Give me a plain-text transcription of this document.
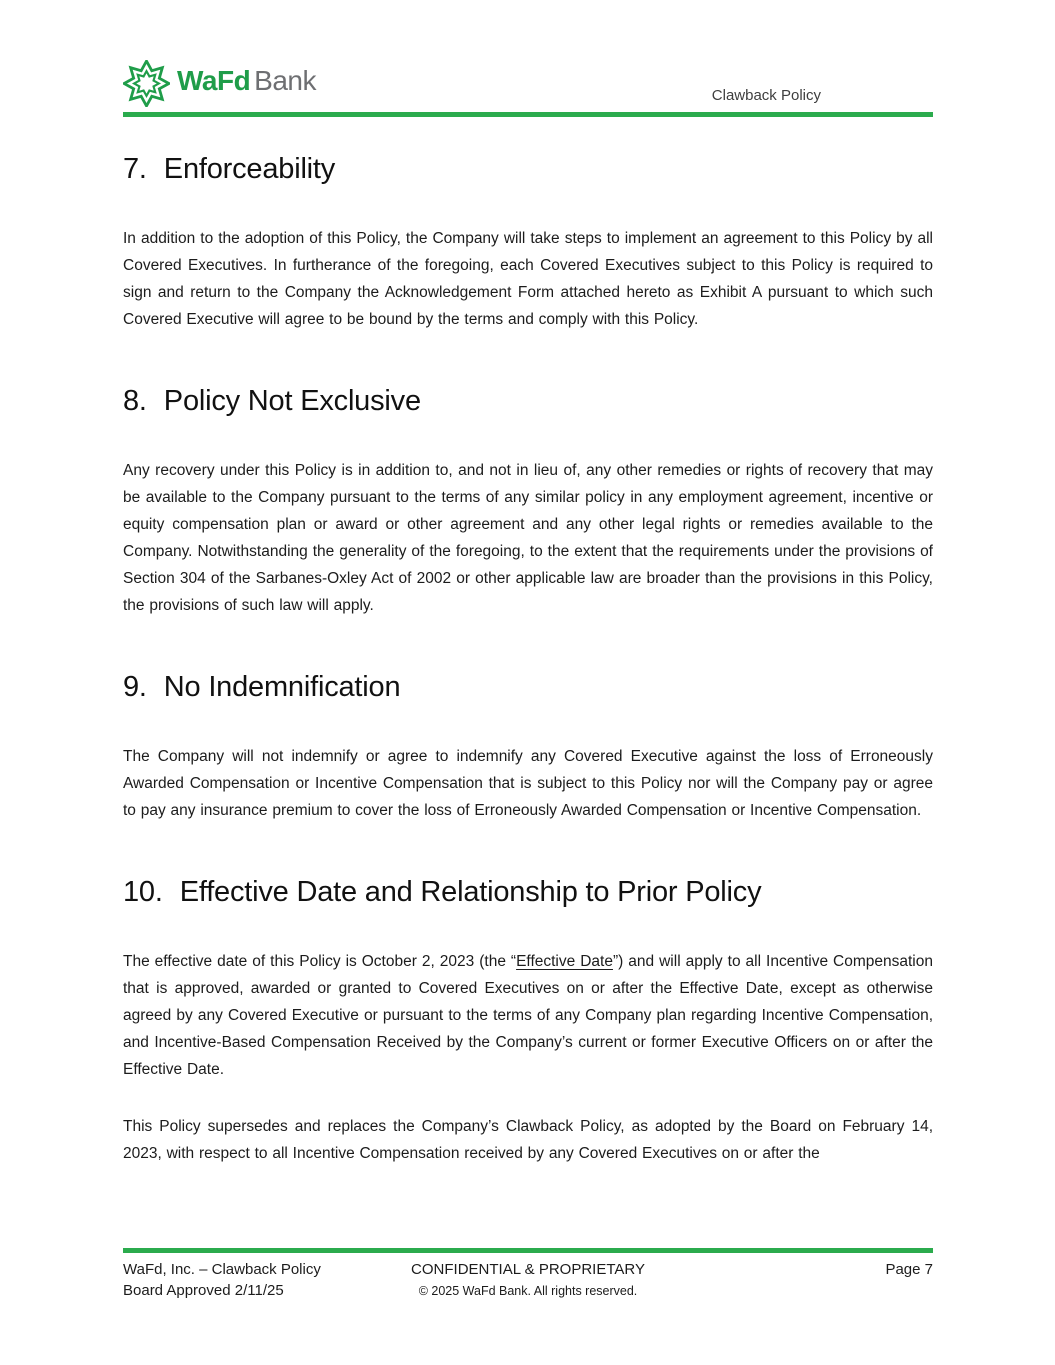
WaFd Bank	Clawback Policy
7. Enforceability

In addition to the adoption of this Policy, the Company will take steps to implement an agreement to this Policy by all Covered Executives. In furtherance of the foregoing, each Covered Executives subject to this Policy is required to sign and return to the Company the Acknowledgement Form attached hereto as Exhibit A pursuant to which such Covered Executive will agree to be bound by the terms and comply with this Policy.

8. Policy Not Exclusive

Any recovery under this Policy is in addition to, and not in lieu of, any other remedies or rights of recovery that may be available to the Company pursuant to the terms of any similar policy in any employment agreement, incentive or equity compensation plan or award or other agreement and any other legal rights or remedies available to the Company. Notwithstanding the generality of the foregoing, to the extent that the requirements under the provisions of Section 304 of the Sarbanes-Oxley Act of 2002 or other applicable law are broader than the provisions in this Policy, the provisions of such law will apply.

9. No Indemnification

The Company will not indemnify or agree to indemnify any Covered Executive against the loss of Erroneously Awarded Compensation or Incentive Compensation that is subject to this Policy nor will the Company pay or agree to pay any insurance premium to cover the loss of Erroneously Awarded Compensation or Incentive Compensation.

10. Effective Date and Relationship to Prior Policy

The effective date of this Policy is October 2, 2023 (the “Effective Date”) and will apply to all Incentive Compensation that is approved, awarded or granted to Covered Executives on or after the Effective Date, except as otherwise agreed by any Covered Executive or pursuant to the terms of any Company plan regarding Incentive Compensation, and Incentive-Based Compensation Received by the Company’s current or former Executive Officers on or after the Effective Date.

This Policy supersedes and replaces the Company’s Clawback Policy, as adopted by the Board on February 14, 2023, with respect to all Incentive Compensation received by any Covered Executives on or after the

WaFd, Inc. – Clawback Policy
Board Approved 2/11/25
CONFIDENTIAL & PROPRIETARY
© 2025 WaFd Bank. All rights reserved.
Page 7
